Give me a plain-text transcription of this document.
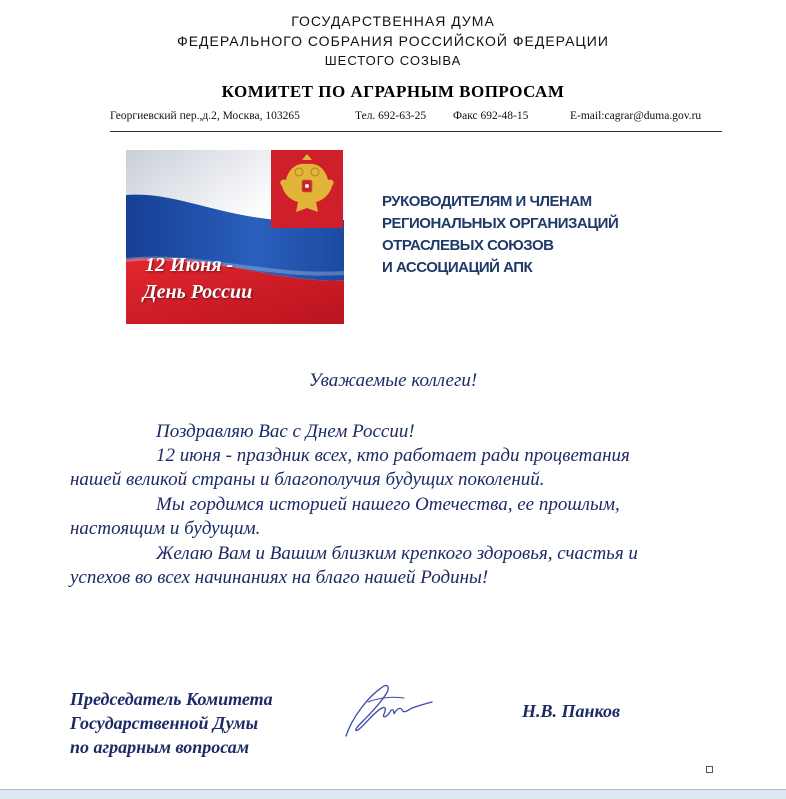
ГОСУДАРСТВЕННАЯ ДУМА
ФЕДЕРАЛЬНОГО СОБРАНИЯ РОССИЙСКОЙ ФЕДЕРАЦИИ
ШЕСТОГО СОЗЫВА
КОМИТЕТ ПО АГРАРНЫМ ВОПРОСАМ
Георгиевский пер.,д.2, Москва, 103265	Тел. 692-63-25 Факс 692-48-15	E-mail:cagrar@duma.gov.ru
12 Июня -
День России
РУКОВОДИТЕЛЯМ И ЧЛЕНАМ
РЕГИОНАЛЬНЫХ ОРГАНИЗАЦИЙ
ОТРАСЛЕВЫХ СОЮЗОВ
И АССОЦИАЦИЙ АПК
Уважаемые коллеги!
Поздравляю Вас с Днем России!
12 июня - праздник всех, кто работает ради процветания
нашей великой страны и благополучия будущих поколений.
Мы гордимся историей нашего Отечества, ее прошлым,
настоящим и будущим.
Желаю Вам и Вашим близким крепкого здоровья, счастья и
успехов во всех начинаниях на благо нашей Родины!
Председатель Комитета
Государственной Думы
по аграрным вопросам
Н.В. Панков
